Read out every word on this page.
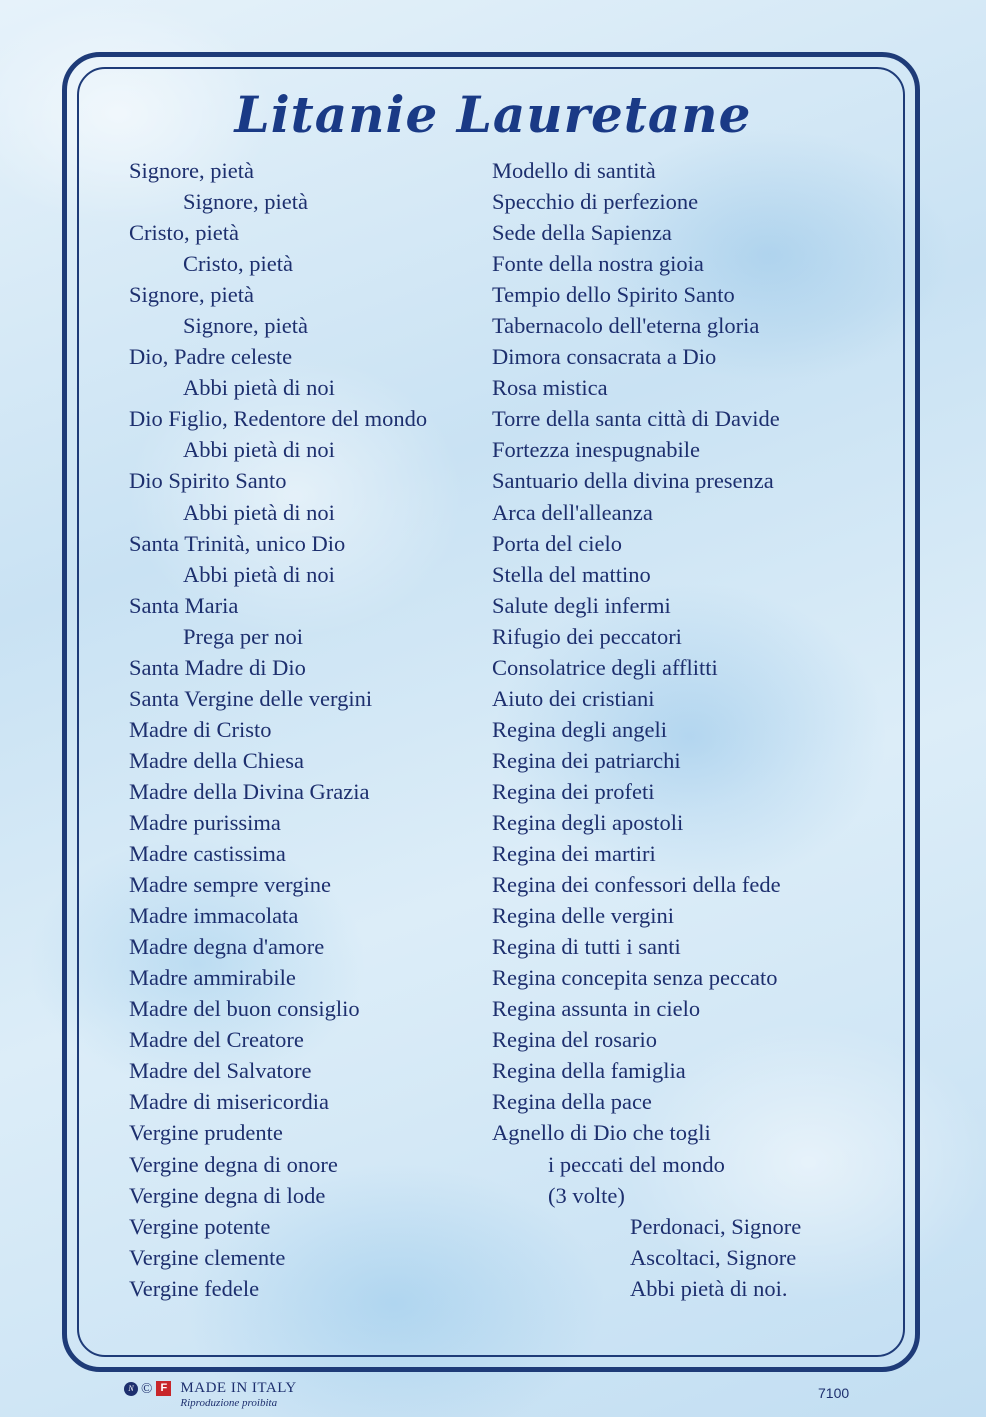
Litanie Lauretane
Signore, pietà
Signore, pietà
Cristo, pietà
Cristo, pietà
Signore, pietà
Signore, pietà
Dio, Padre celeste
Abbi pietà di noi
Dio Figlio, Redentore del mondo
Abbi pietà di noi
Dio Spirito Santo
Abbi pietà di noi
Santa Trinità, unico Dio
Abbi pietà di noi
Santa Maria
Prega per noi
Santa Madre di Dio
Santa Vergine delle vergini
Madre di Cristo
Madre della Chiesa
Madre della Divina Grazia
Madre purissima
Madre castissima
Madre sempre vergine
Madre immacolata
Madre degna d'amore
Madre ammirabile
Madre del buon consiglio
Madre del Creatore
Madre del Salvatore
Madre di misericordia
Vergine prudente
Vergine degna di onore
Vergine degna di lode
Vergine potente
Vergine clemente
Vergine fedele
Modello di santità
Specchio di perfezione
Sede della Sapienza
Fonte della nostra gioia
Tempio dello Spirito Santo
Tabernacolo dell'eterna gloria
Dimora consacrata a Dio
Rosa mistica
Torre della santa città di Davide
Fortezza inespugnabile
Santuario della divina presenza
Arca dell'alleanza
Porta del cielo
Stella del mattino
Salute degli infermi
Rifugio dei peccatori
Consolatrice degli afflitti
Aiuto dei cristiani
Regina degli angeli
Regina dei patriarchi
Regina dei profeti
Regina degli apostoli
Regina dei martiri
Regina dei confessori della fede
Regina delle vergini
Regina di tutti i santi
Regina concepita senza peccato
Regina assunta in cielo
Regina del rosario
Regina della famiglia
Regina della pace
Agnello di Dio che togli
i peccati del mondo
(3 volte)
Perdonaci, Signore
Ascoltaci, Signore
Abbi pietà di noi.
N © F MADE IN ITALY
Riproduzione proibita
7100
